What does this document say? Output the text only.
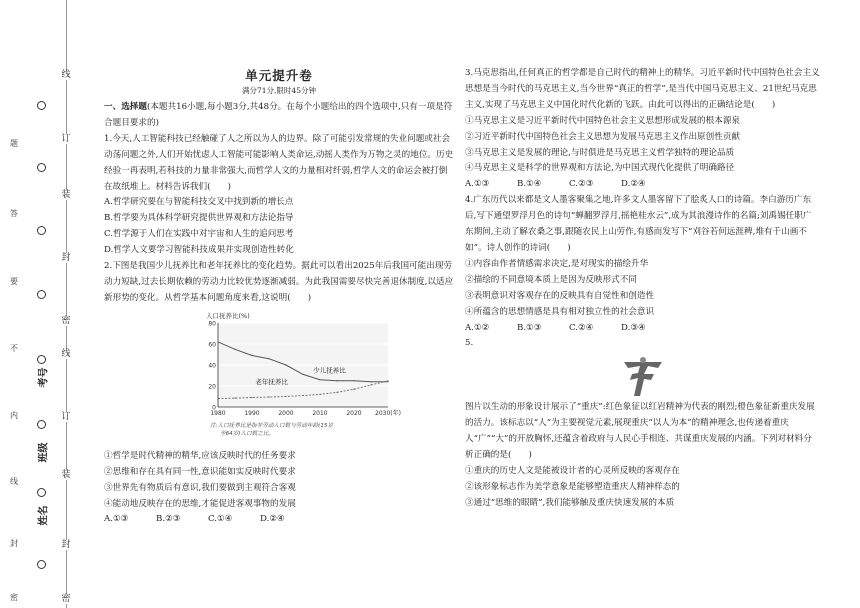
线
订
装
封
密
线
订
装
封
密
题
答
要
不
内
线
封
密
考号
班级
姓名
单元提升卷
满分71分,限时45分钟

一、选择题(本题共16小题,每小题3分,共48分。在每个小题给出的四个选项中,只有一项是符合题目要求的)

1.今天,人工智能科技已经触碰了人之所以为人的边界。除了可能引发常规的失业问题或社会动荡问题之外,人们开始忧虑人工智能可能影响人类命运,动摇人类作为万物之灵的地位。历史经验一再表明,若科技的力量非常强大,而哲学人文的力量相对纤弱,哲学人文的命运会被打倒在故纸堆上。材料告诉我们(　　)

A.哲学研究要在与智能科技交叉中找到新的增长点

B.哲学要为具体科学研究提供世界观和方法论指导

C.哲学源于人们在实践中对宇宙和人生的追问思考

D.哲学人文要学习智能科技成果并实现创造性转化

2.下图是我国少儿抚养比和老年抚养比的变化趋势。据此可以看出2025年后我国可能出现劳动力短缺,过去长期依赖的劳动力比较优势逐渐减弱。为此我国需要尽快完善退休制度,以适应新形势的变化。从哲学基本问题角度来看,这说明(　　)

0
20
40
60
80
1980	1990	2000	2010	2020 2030(年)
人口抚养比(%)
少儿抚养比
老年抚养比
注:人口抚养比是指非劳动人口数与劳动年龄(15岁
至64岁)人口数之比。

①哲学是时代精神的精华,应该反映时代的任务要求

②思维和存在具有同一性,意识能如实反映时代要求

③世界先有物质后有意识,我们要做到主观符合客观

④能动地反映存在的思维,才能促进客观事物的发展

A.①③	B.②③	C.①④	D.②④

3.马克思指出,任何真正的哲学都是自己时代的精神上的精华。习近平新时代中国特色社会主义思想是当今时代的马克思主义,当今世界“真正的哲学”,是当代中国马克思主义、21世纪马克思主义,实现了马克思主义中国化时代化新的飞跃。由此可以得出的正确结论是(　　)

①马克思主义是习近平新时代中国特色社会主义思想形成发展的根本源泉

②习近平新时代中国特色社会主义思想为发展马克思主义作出原创性贡献

③马克思主义是发展的理论,与时俱进是马克思主义哲学独特的理论品质

④马克思主义是科学的世界观和方法论,为中国式现代化提供了明确路径

A.①③	B.①④	C.②③	D.②④

4.广东历代以来都是文人墨客聚集之地,许多文人墨客留下了脍炙人口的诗篇。李白游历广东后,写下通望罗浮月色的诗句“蝉翻罗浮月,摇艳桂水云”,成为其浪漫诗作的名篇;刘禹锡任职广东期间,主动了解农桑之事,跟随农民上山劳作,有感而发写下“刈谷若何远涯稗,堆有千山画不如”。诗人创作的诗词(　　)

①内容由作者情感需求决定,是对现实的描绘升华

②描绘的不同意境本质上是因为反映形式不同

③表明意识对客观存在的反映具有自觉性和创造性

④所蕴含的思想情感是具有相对独立性的社会意识

A.①②	B.①③	C.②④	D.③④

5.

图片以生动的形象设计展示了“重庆”:红色象征以红岩精神为代表的刚烈;橙色象征新重庆发展的活力。该标志以“人”为主要视觉元素,展现重庆“以人为本”的精神理念,也传递着重庆人“广”“大”的开放胸怀,还蕴含着政府与人民心手相连、共谋重庆发展的内涵。下列对材料分析正确的是(　　)

①重庆的历史人文是能被设计者的心灵所反映的客观存在

②该形象标志作为美学意象是能够塑造重庆人精神样态的

③通过“思维的眼睛”,我们能够触及重庆快速发展的本质
